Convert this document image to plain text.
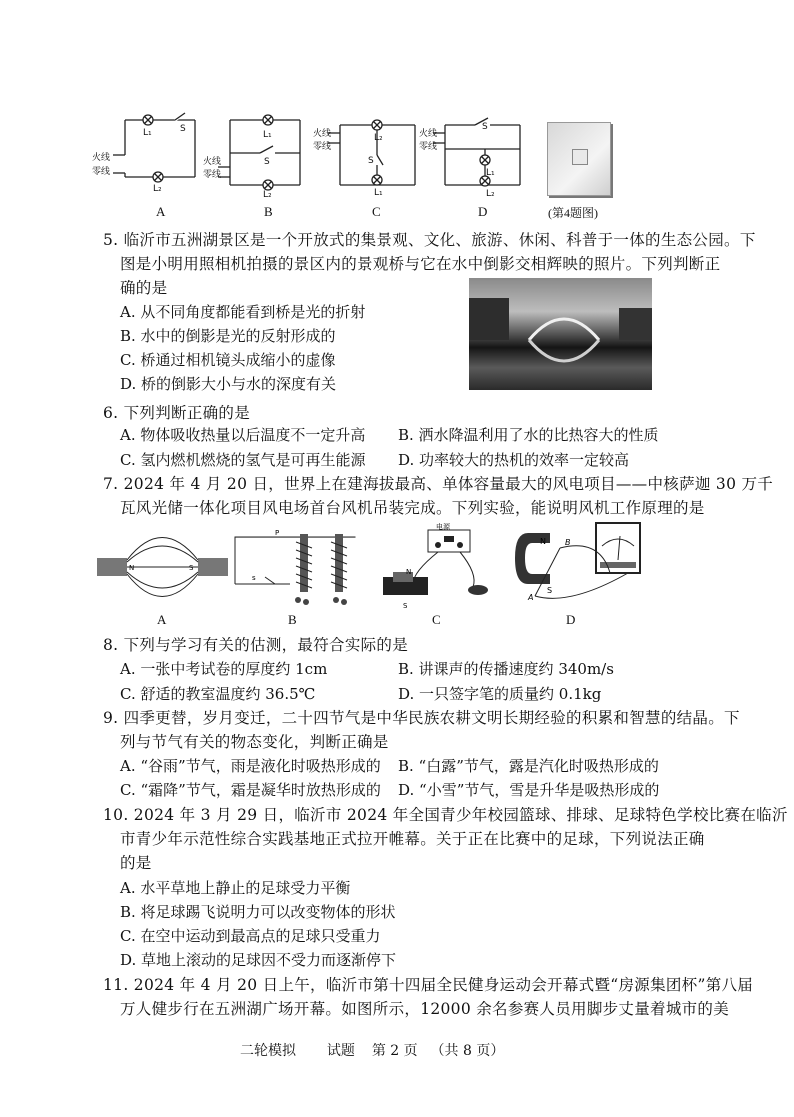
火线
零线
L₁
L₂
S
A
火线
零线
L₁
L₂
S
B
火线
零线
L₂
L₁
S
C
火线
零线
S
L₁
L₂
D	(第4题图)
5. 临沂市五洲湖景区是一个开放式的集景观、文化、旅游、休闲、科普于一体的生态公园。下
图是小明用照相机拍摄的景区内的景观桥与它在水中倒影交相辉映的照片。下列判断正
确的是
A. 从不同角度都能看到桥是光的折射
B. 水中的倒影是光的反射形成的
C. 桥通过相机镜头成缩小的虚像
D. 桥的倒影大小与水的深度有关
6. 下列判断正确的是
A. 物体吸收热量以后温度不一定升高 B. 洒水降温利用了水的比热容大的性质
C. 氢内燃机燃烧的氢气是可再生能源 D. 功率较大的热机的效率一定较高
7. 2024 年 4 月 20 日，世界上在建海拔最高、单体容量最大的风电项目——中核萨迦 30 万千
瓦风光储一体化项目风电场首台风机吊装完成。下列实验，能说明风机工作原理的是
N	S
P
s
电源
N
S
N B
A
S
A	B	C	D
8. 下列与学习有关的估测，最符合实际的是
A. 一张中考试卷的厚度约 1cm	B. 讲课声的传播速度约 340m/s
C. 舒适的教室温度约 36.5℃	D. 一只签字笔的质量约 0.1kg
9. 四季更替，岁月变迁，二十四节气是中华民族农耕文明长期经验的积累和智慧的结晶。下
列与节气有关的物态变化，判断正确是
A. “谷雨”节气，雨是液化时吸热形成的 B. “白露”节气，露是汽化时吸热形成的
C. “霜降”节气，霜是凝华时放热形成的 D. “小雪”节气，雪是升华是吸热形成的
10. 2024 年 3 月 29 日，临沂市 2024 年全国青少年校园篮球、排球、足球特色学校比赛在临沂
市青少年示范性综合实践基地正式拉开帷幕。关于正在比赛中的足球，下列说法正确
的是
A. 水平草地上静止的足球受力平衡
B. 将足球踢飞说明力可以改变物体的形状
C. 在空中运动到最高点的足球只受重力
D. 草地上滚动的足球因不受力而逐渐停下
11. 2024 年 4 月 20 日上午，临沂市第十四届全民健身运动会开幕式暨“房源集团杯”第八届
万人健步行在五洲湖广场开幕。如图所示，12000 余名参赛人员用脚步丈量着城市的美
二轮模拟 试题 第 2 页 （共 8 页）
